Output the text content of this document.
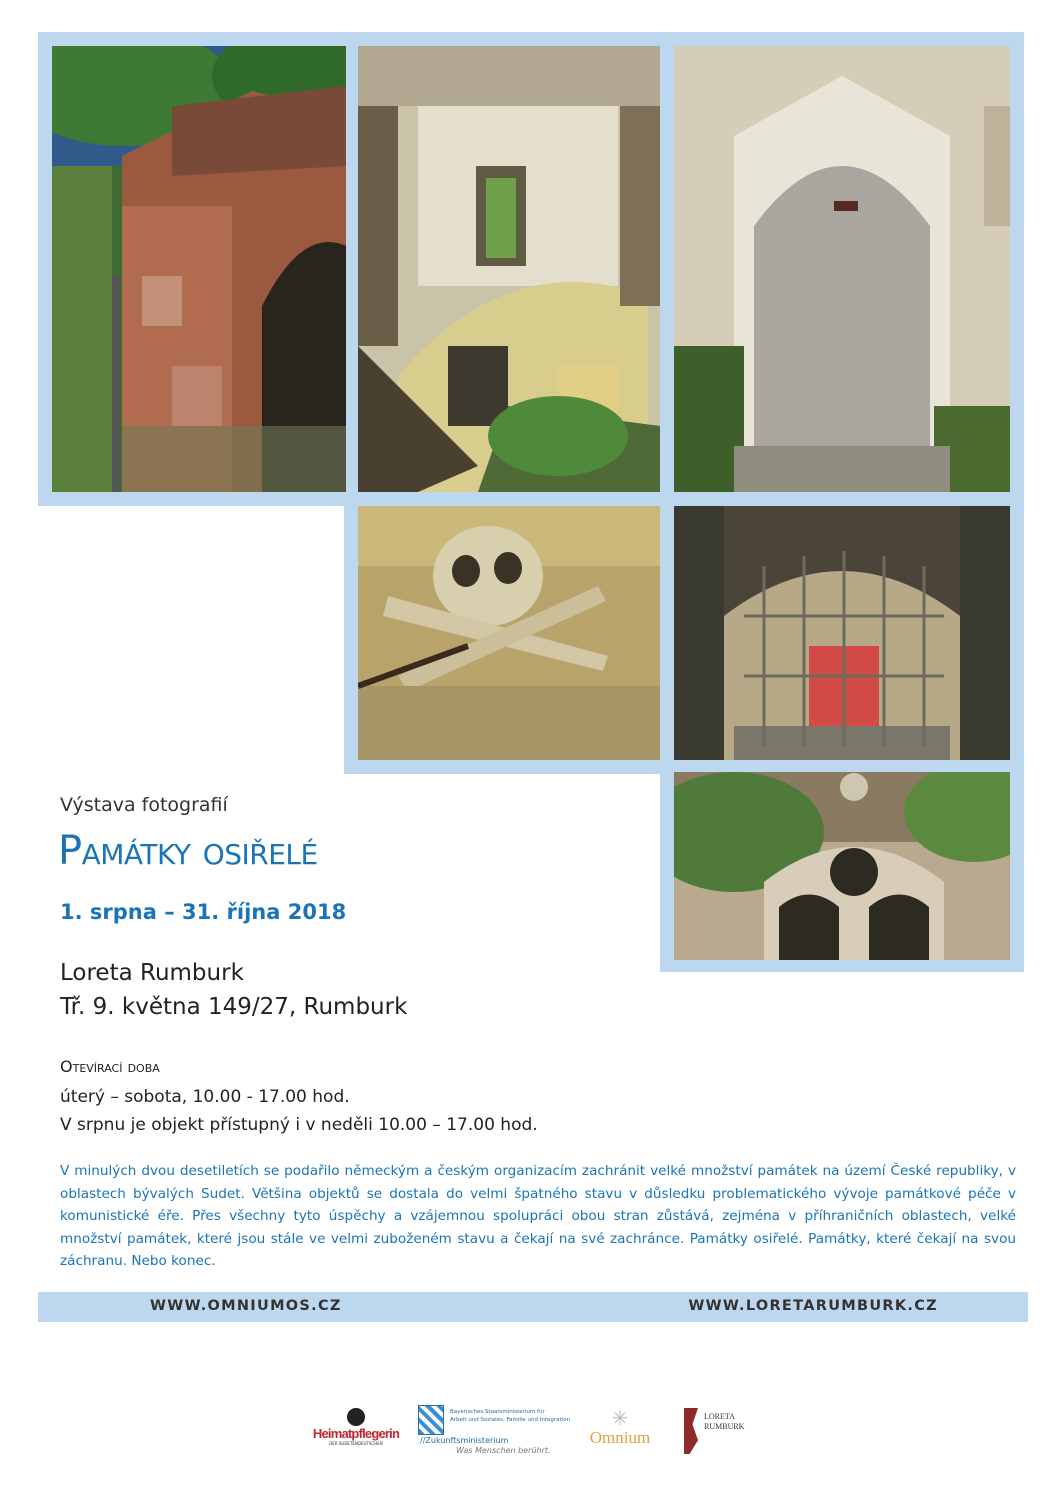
Výstava fotografií
Památky osiřelé
1. srpna – 31. října 2018
Loreta Rumburk
Tř. 9. května 149/27, Rumburk
Otevírací doba
úterý – sobota, 10.00 - 17.00 hod.
V srpnu je objekt přístupný i v neděli 10.00 – 17.00 hod.
V minulých dvou desetiletích se podařilo německým a českým organizacím zachránit velké množství památek na území České republiky, v oblastech bývalých Sudet. Většina objektů se dostala do velmi špatného stavu v důsledku problematického vývoje památkové péče v komunistické éře. Přes všechny tyto úspěchy a vzájemnou spolupráci obou stran zůstává, zejména v příhraničních oblastech, velké množství památek, které jsou stále ve velmi zuboženém stavu a čekají na své zachránce. Památky osiřelé. Památky, které čekají na svou záchranu. Nebo konec.
WWW.OMNIUMOS.CZ	WWW.LORETARUMBURK.CZ
Heimatpflegerin
DER SUDETENDEUTSCHEN
Bayerisches Staatsministerium für
Arbeit und Soziales, Familie und Integration
//Zukunftsministerium
Was Menschen berührt.
✳
Omnium
LORETA
RUMBURK
